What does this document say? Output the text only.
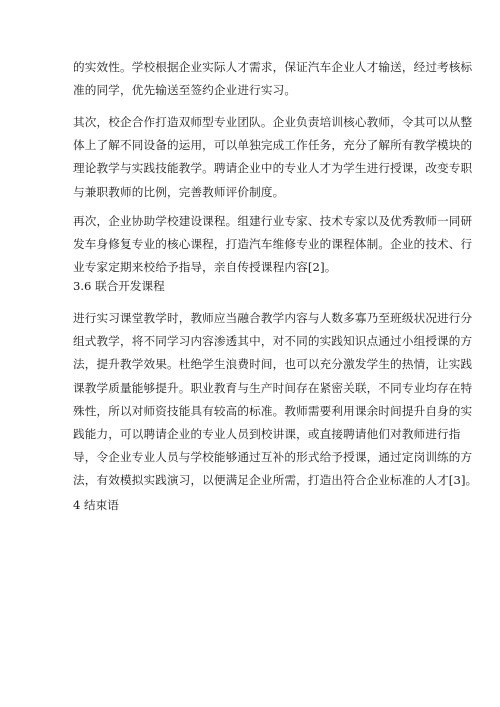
的实效性。学校根据企业实际人才需求，保证汽车企业人才输送，经过考核标
准的同学，优先输送至签约企业进行实习。
其次，校企合作打造双师型专业团队。企业负责培训核心教师，令其可以从整
体上了解不同设备的运用，可以单独完成工作任务，充分了解所有教学模块的
理论教学与实践技能教学。聘请企业中的专业人才为学生进行授课，改变专职
与兼职教师的比例，完善教师评价制度。
再次，企业协助学校建设课程。组建行业专家、技术专家以及优秀教师一同研
发车身修复专业的核心课程，打造汽车维修专业的课程体制。企业的技术、行
业专家定期来校给予指导，亲自传授课程内容[2]。
3.6 联合开发课程
进行实习课堂教学时，教师应当融合教学内容与人数多寡乃至班级状况进行分
组式教学，将不同学习内容渗透其中，对不同的实践知识点通过小组授课的方
法，提升教学效果。杜绝学生浪费时间，也可以充分激发学生的热情，让实践
课教学质量能够提升。职业教育与生产时间存在紧密关联，不同专业均存在特
殊性，所以对师资技能具有较高的标准。教师需要利用课余时间提升自身的实
践能力，可以聘请企业的专业人员到校讲课，或直接聘请他们对教师进行指
导，令企业专业人员与学校能够通过互补的形式给予授课，通过定岗训练的方
法，有效模拟实践演习，以便满足企业所需，打造出符合企业标准的人才[3]。
4 结束语
